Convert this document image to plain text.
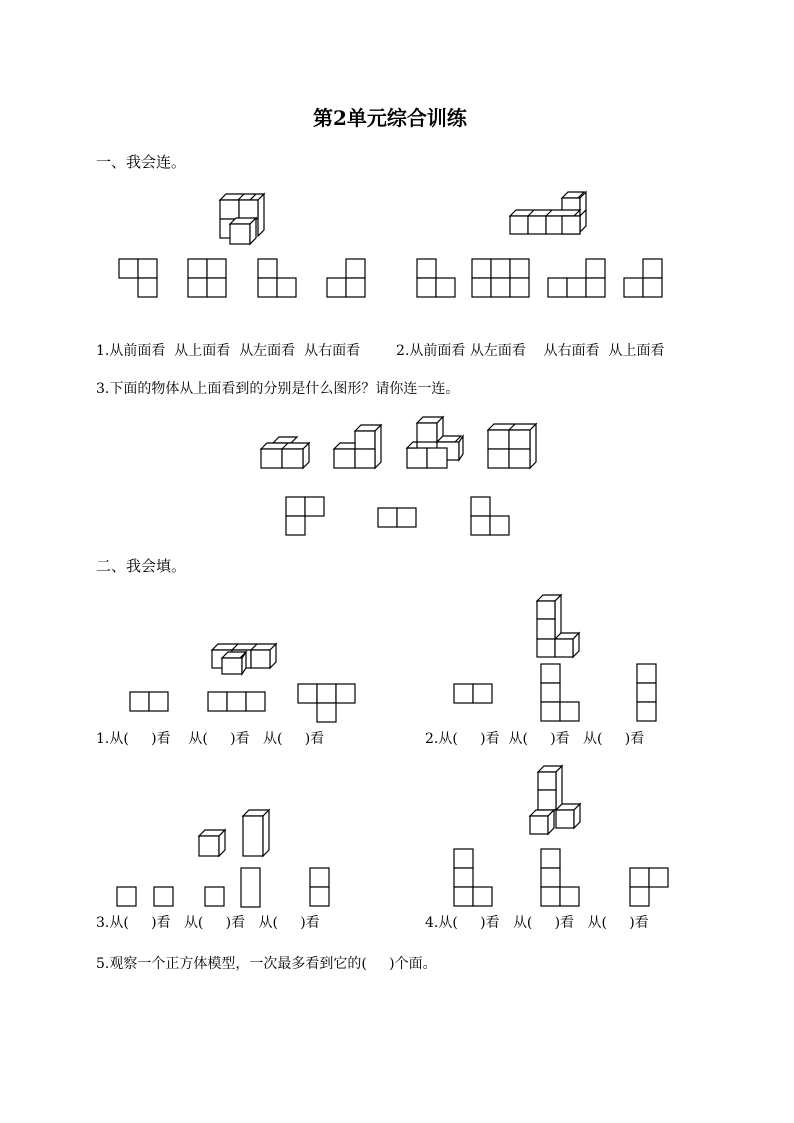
第2单元综合训练
一、我会连。
1.从前面看 从上面看 从左面看 从右面看	2.从前面看 从左面看 从右面看 从上面看
3.下面的物体从上面看到的分别是什么图形？请你连一连。
二、我会填。
1.从( )看 从( )看 从( )看	2.从( )看 从( )看 从( )看
3.从( )看 从( )看 从( )看	4.从( )看 从( )看 从( )看
5.观察一个正方体模型，一次最多看到它的( )个面。
